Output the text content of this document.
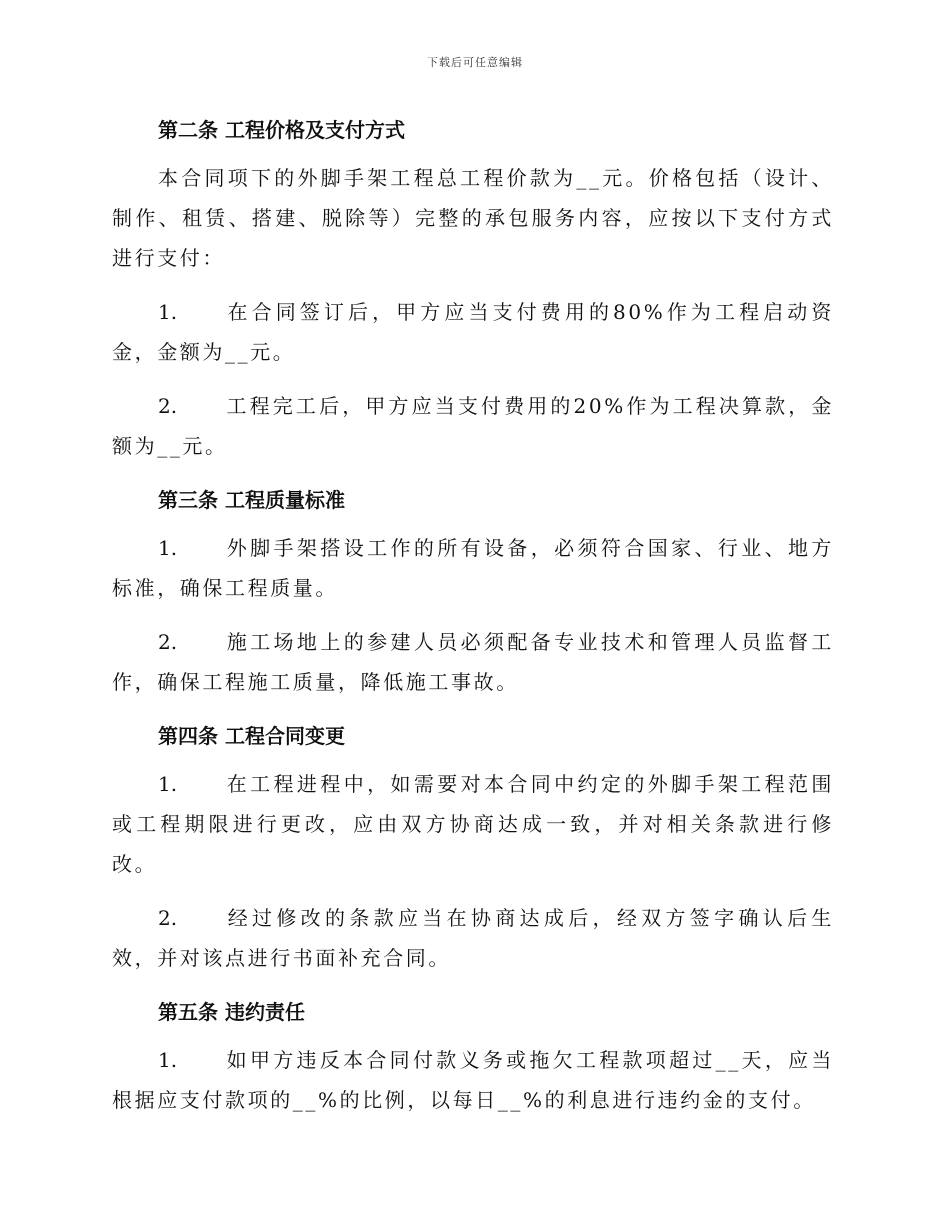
下载后可任意编辑
第二条 工程价格及支付方式
本合同项下的外脚手架工程总工程价款为__元。价格包括（设计、制作、租赁、搭建、脱除等）完整的承包服务内容，应按以下支付方式进行支付：
1. 在合同签订后，甲方应当支付费用的80%作为工程启动资金，金额为__元。
2. 工程完工后，甲方应当支付费用的20%作为工程决算款，金额为__元。
第三条 工程质量标准
1. 外脚手架搭设工作的所有设备，必须符合国家、行业、地方标准，确保工程质量。
2. 施工场地上的参建人员必须配备专业技术和管理人员监督工作，确保工程施工质量，降低施工事故。
第四条 工程合同变更
1. 在工程进程中，如需要对本合同中约定的外脚手架工程范围或工程期限进行更改，应由双方协商达成一致，并对相关条款进行修改。
2. 经过修改的条款应当在协商达成后，经双方签字确认后生效，并对该点进行书面补充合同。
第五条 违约责任
1. 如甲方违反本合同付款义务或拖欠工程款项超过__天，应当根据应支付款项的__%的比例，以每日__%的利息进行违约金的支付。
